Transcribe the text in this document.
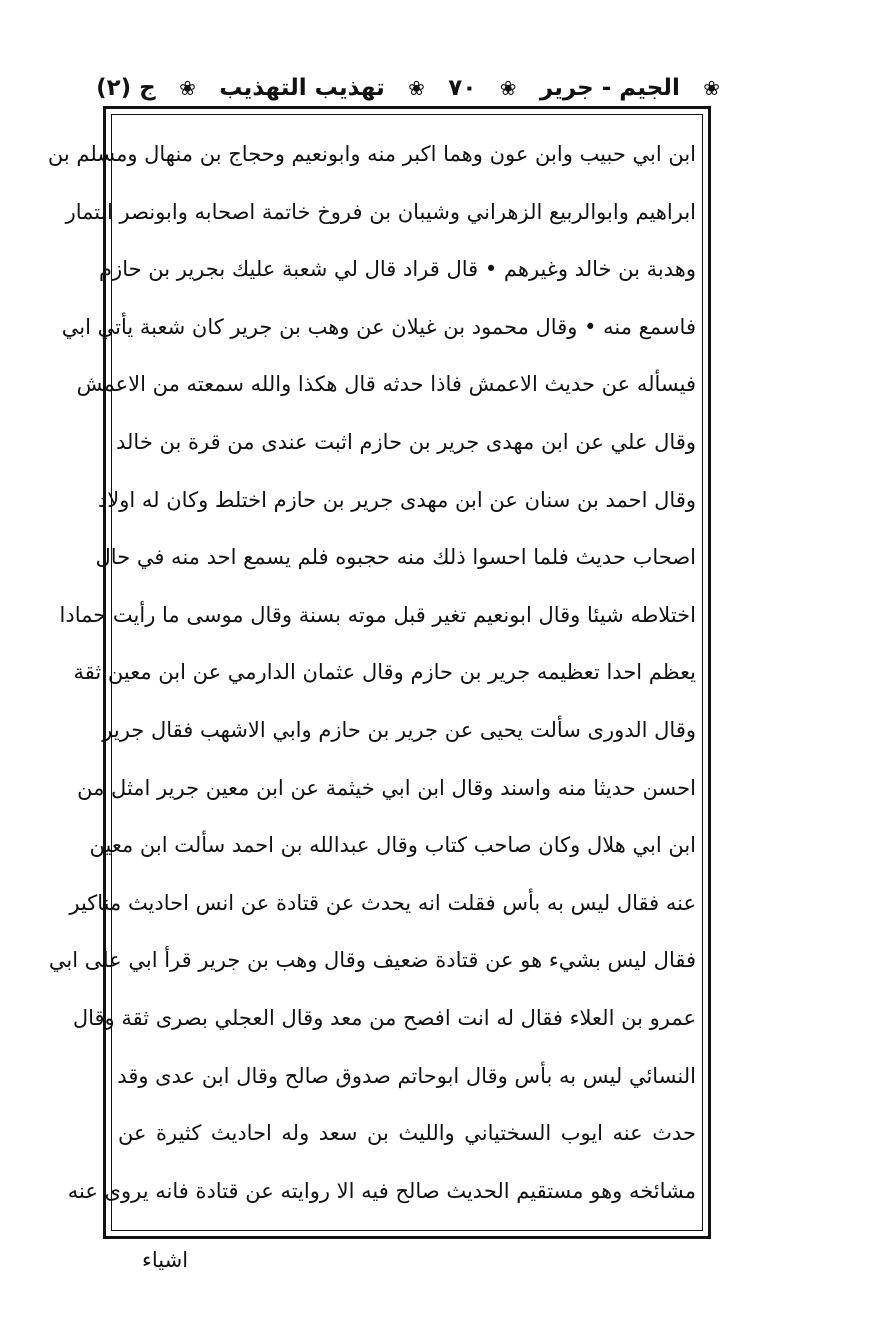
ج (٢) ❀ تهذيب التهذيب ❀ ٧٠ ❀ الجيم - جرير ❀
ابن ابي حبيب وابن عون وهما اكبر منه وابونعيم وحجاج بن منهال ومسلم بن
ابراهيم وابوالربيع الزهراني وشيبان بن فروخ خاتمة اصحابه وابونصر التمار
وهدبة بن خالد وغيرهم • قال قراد قال لي شعبة عليك بجرير بن حازم
فاسمع منه • وقال محمود بن غيلان عن وهب بن جرير كان شعبة يأتي ابي
فيسأله عن حديث الاعمش فاذا حدثه قال هكذا والله سمعته من الاعمش
وقال علي عن ابن مهدى جرير بن حازم اثبت عندى من قرة بن خالد
وقال احمد بن سنان عن ابن مهدى جرير بن حازم اختلط وكان له اولاد
اصحاب حديث فلما احسوا ذلك منه حجبوه فلم يسمع احد منه في حال
اختلاطه شيئا وقال ابونعيم تغير قبل موته بسنة وقال موسى ما رأيت حمادا
يعظم احدا تعظيمه جرير بن حازم وقال عثمان الدارمي عن ابن معين ثقة
وقال الدورى سألت يحيى عن جرير بن حازم وابي الاشهب فقال جرير
احسن حديثا منه واسند وقال ابن ابي خيثمة عن ابن معين جرير امثل من
ابن ابي هلال وكان صاحب كتاب وقال عبدالله بن احمد سألت ابن معين
عنه فقال ليس به بأس فقلت انه يحدث عن قتادة عن انس احاديث مناكير
فقال ليس بشيء هو عن قتادة ضعيف وقال وهب بن جرير قرأ ابي على ابي
عمرو بن العلاء فقال له انت افصح من معد وقال العجلي بصرى ثقة وقال
النسائي ليس به بأس وقال ابوحاتم صدوق صالح وقال ابن عدى وقد
حدث عنه ايوب السختياني والليث بن سعد وله احاديث كثيرة عن
مشائخه وهو مستقيم الحديث صالح فيه الا روايته عن قتادة فانه يروى عنه
اشياء
